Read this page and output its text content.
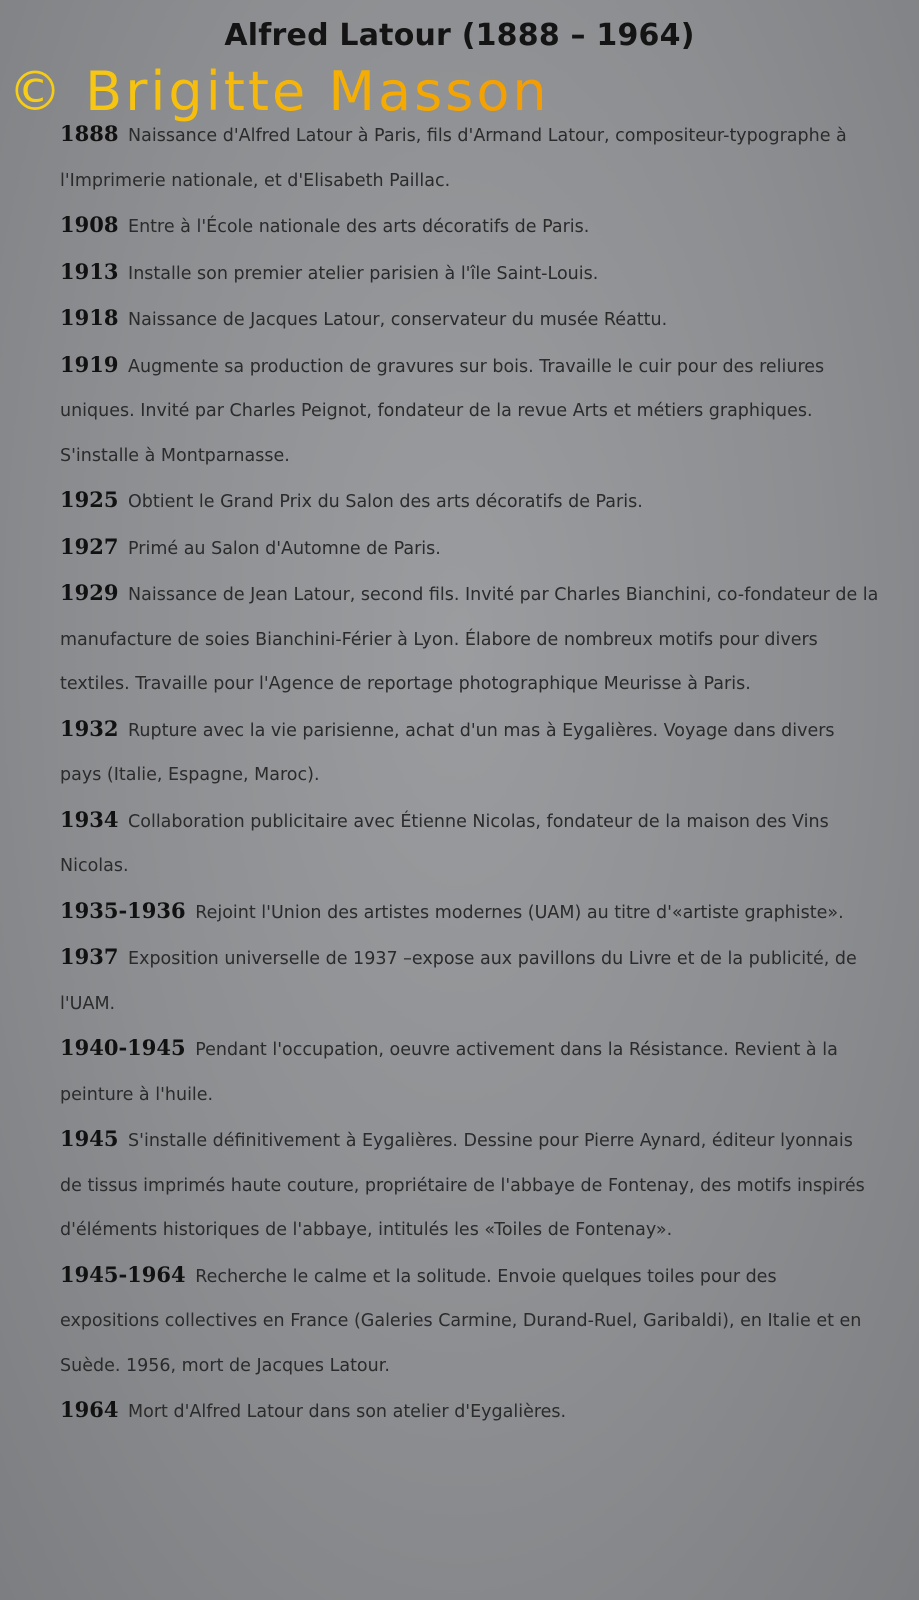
Alfred Latour (1888 – 1964)
© Brigitte Masson

1888 Naissance d'Alfred Latour à Paris, fils d'Armand Latour, compositeur-typographe à l'Imprimerie nationale, et d'Elisabeth Paillac.

1908 Entre à l'École nationale des arts décoratifs de Paris.

1913 Installe son premier atelier parisien à l'île Saint-Louis.

1918 Naissance de Jacques Latour, conservateur du musée Réattu.

1919 Augmente sa production de gravures sur bois. Travaille le cuir pour des reliures uniques. Invité par Charles Peignot, fondateur de la revue Arts et métiers graphiques. S'installe à Montparnasse.

1925 Obtient le Grand Prix du Salon des arts décoratifs de Paris.

1927 Primé au Salon d'Automne de Paris.

1929 Naissance de Jean Latour, second fils. Invité par Charles Bianchini, co-fondateur de la manufacture de soies Bianchini-Férier à Lyon. Élabore de nombreux motifs pour divers textiles. Travaille pour l'Agence de reportage photographique Meurisse à Paris.

1932 Rupture avec la vie parisienne, achat d'un mas à Eygalières. Voyage dans divers pays (Italie, Espagne, Maroc).

1934 Collaboration publicitaire avec Étienne Nicolas, fondateur de la maison des Vins Nicolas.

1935-1936 Rejoint l'Union des artistes modernes (UAM) au titre d'«artiste graphiste».

1937 Exposition universelle de 1937 –expose aux pavillons du Livre et de la publicité, de l'UAM.

1940-1945 Pendant l'occupation, oeuvre activement dans la Résistance. Revient à la peinture à l'huile.

1945 S'installe définitivement à Eygalières. Dessine pour Pierre Aynard, éditeur lyonnais de tissus imprimés haute couture, propriétaire de l'abbaye de Fontenay, des motifs inspirés d'éléments historiques de l'abbaye, intitulés les «Toiles de Fontenay».

1945-1964 Recherche le calme et la solitude. Envoie quelques toiles pour des expositions collectives en France (Galeries Carmine, Durand-Ruel, Garibaldi), en Italie et en Suède. 1956, mort de Jacques Latour.

1964 Mort d'Alfred Latour dans son atelier d'Eygalières.
